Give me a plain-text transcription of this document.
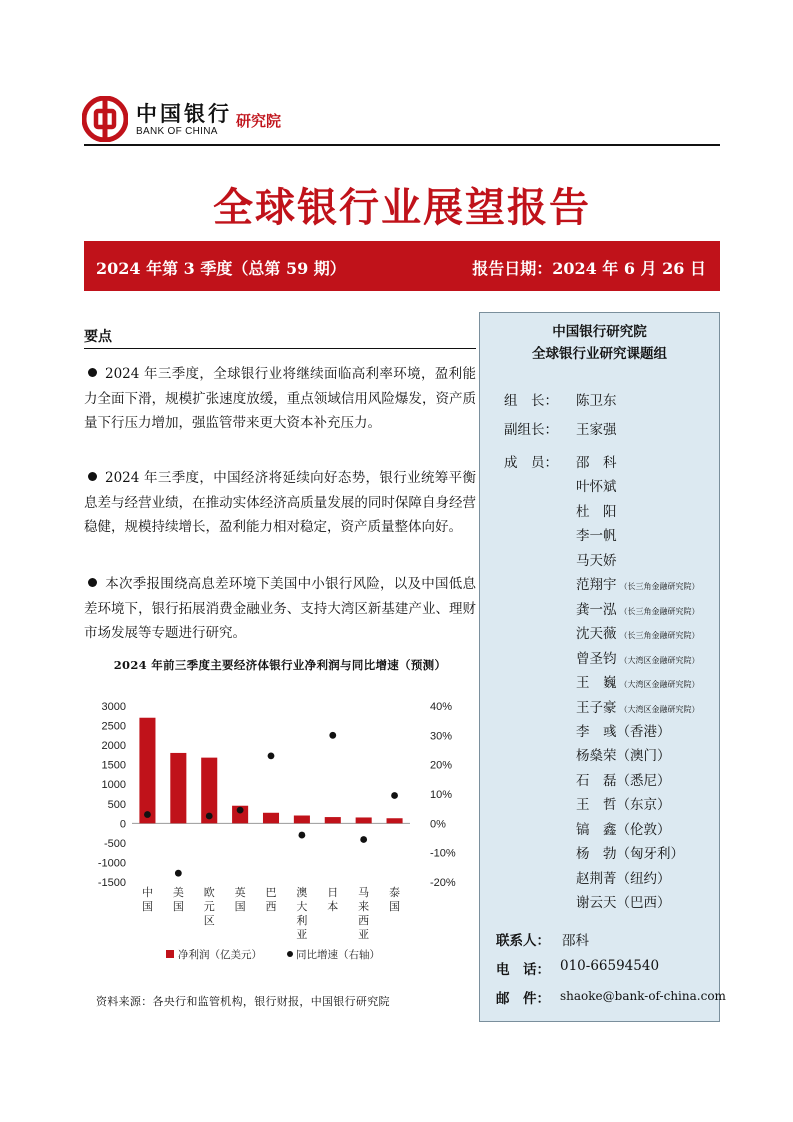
中国银行
BANK OF CHINA
研究院
全球银行业展望报告
2024 年第 3 季度（总第 59 期）	报告日期：2024 年 6 月 26 日
要点
2024 年三季度，全球银行业将继续面临高利率环境，盈利能力全面下滑，规模扩张速度放缓，重点领域信用风险爆发，资产质量下行压力增加，强监管带来更大资本补充压力。
2024 年三季度，中国经济将延续向好态势，银行业统筹平衡息差与经营业绩，在推动实体经济高质量发展的同时保障自身经营稳健，规模持续增长，盈利能力相对稳定，资产质量整体向好。
本次季报围绕高息差环境下美国中小银行风险，以及中国低息差环境下，银行拓展消费金融业务、支持大湾区新基建产业、理财市场发展等专题进行研究。
2024 年前三季度主要经济体银行业净利润与同比增速（预测）
3000
2500
2000
1500
1000
500
0
-500
-1000
-1500
40%
30%
20%
10%
0%
-10%
-20%
中
国
美
国
欧
元
区
英
国
巴
西
澳
大
利
亚
日
本
马
来
西
亚
泰
国
净利润（亿美元）	同比增速（右轴）
资料来源：各央行和监管机构，银行财报，中国银行研究院
中国银行研究院
全球银行业研究课题组
组　长： 陈卫东
副组长： 王家强
成　员： 邵　科
叶怀斌
杜　阳
李一帆
马天娇
范翔宇 （长三角金融研究院）
龚一泓 （长三角金融研究院）
沈天薇 （长三角金融研究院）
曾圣钧 （大湾区金融研究院）
王　巍 （大湾区金融研究院）
王子豪 （大湾区金融研究院）
李　彧（香港）
杨燊荣（澳门）
石　磊（悉尼）
王　哲（东京）
镐　鑫（伦敦）
杨　勃（匈牙利）
赵荆菁（纽约）
谢云天（巴西）
联系人： 邵科
电　话： 010-66594540
邮　件： shaoke@bank-of-china.com
